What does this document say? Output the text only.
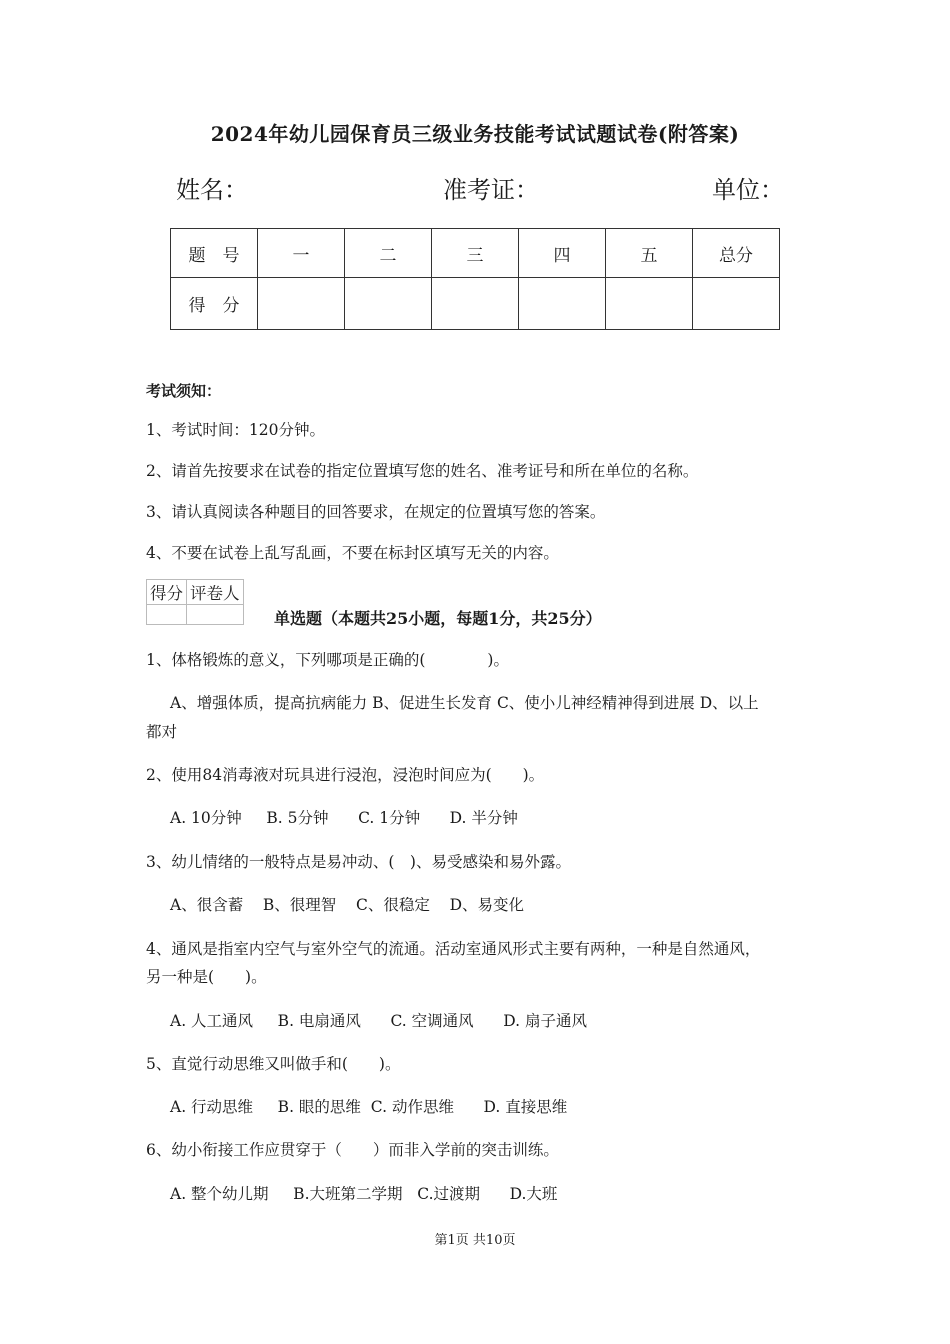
2024年幼儿园保育员三级业务技能考试试题试卷(附答案)
姓名：	准考证：	单位：
题　号	一	二	三	四	五	总分
得　分						
考试须知：
1、考试时间：120分钟。
2、请首先按要求在试卷的指定位置填写您的姓名、准考证号和所在单位的名称。
3、请认真阅读各种题目的回答要求，在规定的位置填写您的答案。
4、不要在试卷上乱写乱画，不要在标封区填写无关的内容。
得分	评卷人

单选题（本题共25小题，每题1分，共25分）
1、体格锻炼的意义，下列哪项是正确的(　　　　)。
A、增强体质，提高抗病能力 B、促进生长发育 C、使小儿神经精神得到进展 D、以上
都对
2、使用84消毒液对玩具进行浸泡，浸泡时间应为(　　)。
A. 10分钟     B. 5分钟      C. 1分钟      D. 半分钟
3、幼儿情绪的一般特点是易冲动、(　)、易受感染和易外露。
A、很含蓄    B、很理智    C、很稳定    D、易变化
4、通风是指室内空气与室外空气的流通。活动室通风形式主要有两种，一种是自然通风，
另一种是(　　)。
A. 人工通风     B. 电扇通风      C. 空调通风      D. 扇子通风
5、直觉行动思维又叫做手和(　　)。
A. 行动思维     B. 眼的思维  C. 动作思维      D. 直接思维
6、幼小衔接工作应贯穿于（　　）而非入学前的突击训练。
A. 整个幼儿期     B.大班第二学期   C.过渡期      D.大班
第1页 共10页
